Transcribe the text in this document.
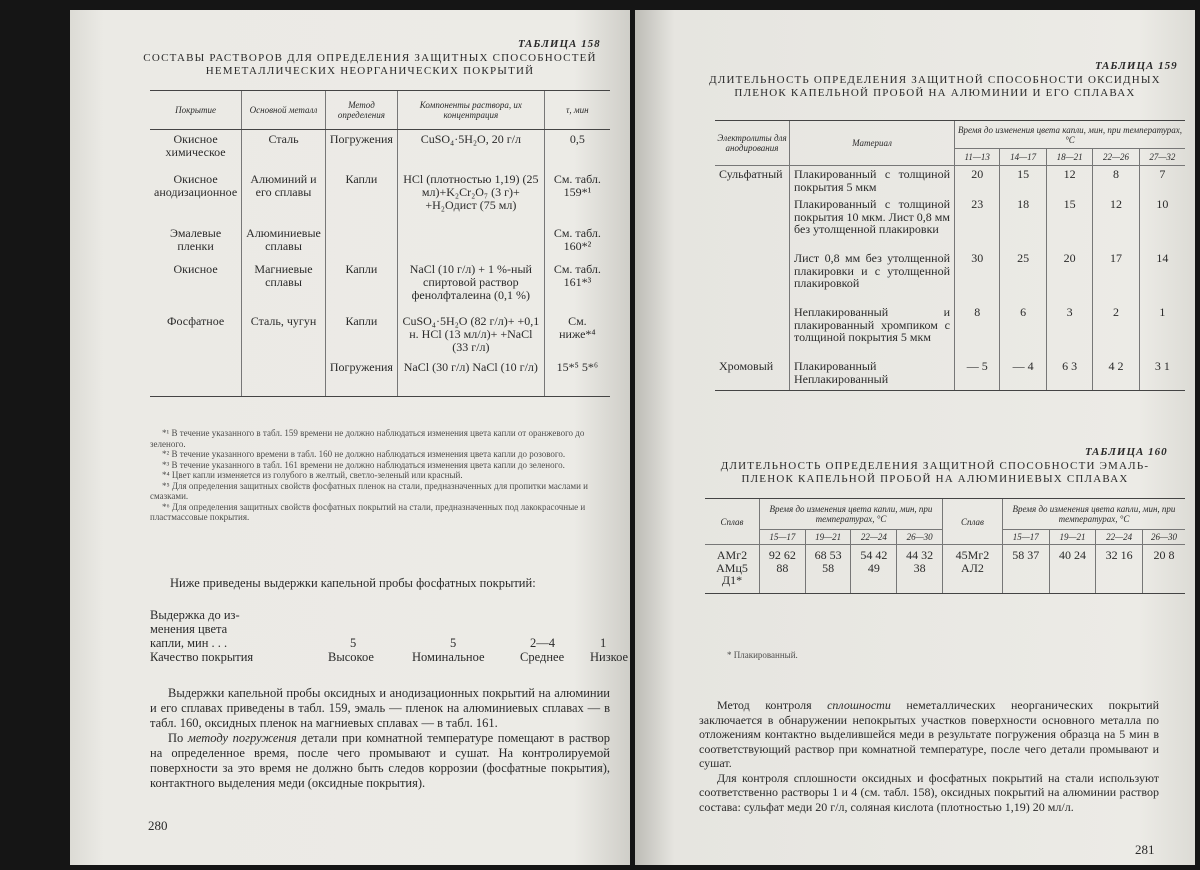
ТАБЛИЦА 158
СОСТАВЫ РАСТВОРОВ ДЛЯ ОПРЕДЕЛЕНИЯ ЗАЩИТНЫХ СПОСОБНОСТЕЙ НЕМЕТАЛЛИЧЕСКИХ НЕОРГАНИЧЕСКИХ ПОКРЫТИЙ
Покрытие	Основной металл	Метод определения	Компоненты раствора, их концентрация	τ, мин
Окисное химическое	Сталь	Погружения	CuSO₄·5H₂O, 20 г/л	0,5
Окисное анодизационное	Алюминий и его сплавы	Капли	HCl (плотностью 1,19) (25 мл)+K₂Cr₂O₇ (3 г)+ +H₂Oдист (75 мл)	См. табл. 159*¹
Эмалевые пленки	Алюминиевые сплавы			См. табл. 160*²
Окисное	Магниевые сплавы	Капли	NaCl (10 г/л) + 1 %-ный спиртовой раствор фенолфталеина (0,1 %)	См. табл. 161*³
Фосфатное	Сталь, чугун	Капли	CuSO₄·5H₂O (82 г/л)+ +0,1 н. HCl (13 мл/л)+ +NaCl (33 г/л)	См. ниже*⁴
		Погружения	NaCl (30 г/л) NaCl (10 г/л)	15*⁵ 5*⁶

*¹ В течение указанного в табл. 159 времени не должно наблюдаться изменения цвета капли от оранжевого до зеленого.

*² В течение указанного времени в табл. 160 не должно наблюдаться изменения цвета капли до розового.

*³ В течение указанного в табл. 161 времени не должно наблюдаться изменения цвета капли до зеленого.

*⁴ Цвет капли изменяется из голубого в желтый, светло-зеленый или красный.

*⁵ Для определения защитных свойств фосфатных пленок на стали, предназначенных для пропитки маслами и смазками.

*⁶ Для определения защитных свойств фосфатных покрытий на стали, предназначенных под лакокрасочные и пластмассовые покрытия.

Ниже приведены выдержки капельной пробы фосфатных покрытий:
Выдержка до из-
менения цвета
капли, мин . . .	5	5	2—4	1
Качество покрытия	Высокое	Номинальное	Среднее Низкое

Выдержки капельной пробы оксидных и анодизационных покрытий на алюминии и его сплавах приведены в табл. 159, эмаль — пленок на алюминиевых сплавах — в табл. 160, оксидных пленок на магниевых сплавах — в табл. 161.

По методу погружения детали при комнатной температуре помещают в раствор на определенное время, после чего промывают и сушат. На контролируемой поверхности за это время не должно быть следов коррозии (фосфатные покрытия), контактного выделения меди (оксидные покрытия).

280
ТАБЛИЦА 159
ДЛИТЕЛЬНОСТЬ ОПРЕДЕЛЕНИЯ ЗАЩИТНОЙ СПОСОБНОСТИ ОКСИДНЫХ ПЛЕНОК КАПЕЛЬНОЙ ПРОБОЙ НА АЛЮМИНИИ И ЕГО СПЛАВАХ
Электролиты для анодирования	Материал	Время до изменения цвета капли, мин, при температурах, °С				
		11—13	14—17	18—21	22—26	27—32
Сульфатный	Плакированный с толщиной покрытия 5 мкм	20	15	12	8	7
	Плакированный с толщиной покрытия 10 мкм. Лист 0,8 мм без утолщенной плакировки	23	18	15	12	10
	Лист 0,8 мм без утолщенной плакировки и с утолщенной плакировкой	30	25	20	17	14
	Неплакированный и плакированный хромпиком с толщиной покрытия 5 мкм	8	6	3	2	1
Хромовый	Плакированный Неплакированный	— 5	— 4	6 3	4 2	3 1
ТАБЛИЦА 160
ДЛИТЕЛЬНОСТЬ ОПРЕДЕЛЕНИЯ ЗАЩИТНОЙ СПОСОБНОСТИ ЭМАЛЬ-ПЛЕНОК КАПЕЛЬНОЙ ПРОБОЙ НА АЛЮМИНИЕВЫХ СПЛАВАХ
Сплав	Время до изменения цвета капли, мин, при температурах, °С				Сплав	Время до изменения цвета капли, мин, при температурах, °С			
	15—17	19—21	22—24	26—30		15—17	19—21	22—24	26—30
АМг2 АМц5 Д1*	92 62 88	68 53 58	54 42 49	44 32 38	45Мг2 АЛ2	58 37	40 24	32 16	20 8
* Плакированный.

Метод контроля сплошности неметаллических неорганических покрытий заключается в обнаружении непокрытых участков поверхности основного металла по отложениям контактно выделившейся меди в результате погружения образца на 5 мин в соответствующий раствор при комнатной температуре, после чего детали промывают и сушат.

Для контроля сплошности оксидных и фосфатных покрытий на стали используют соответственно растворы 1 и 4 (см. табл. 158), оксидных покрытий на алюминии раствор состава: сульфат меди 20 г/л, соляная кислота (плотностью 1,19) 20 мл/л.

281
